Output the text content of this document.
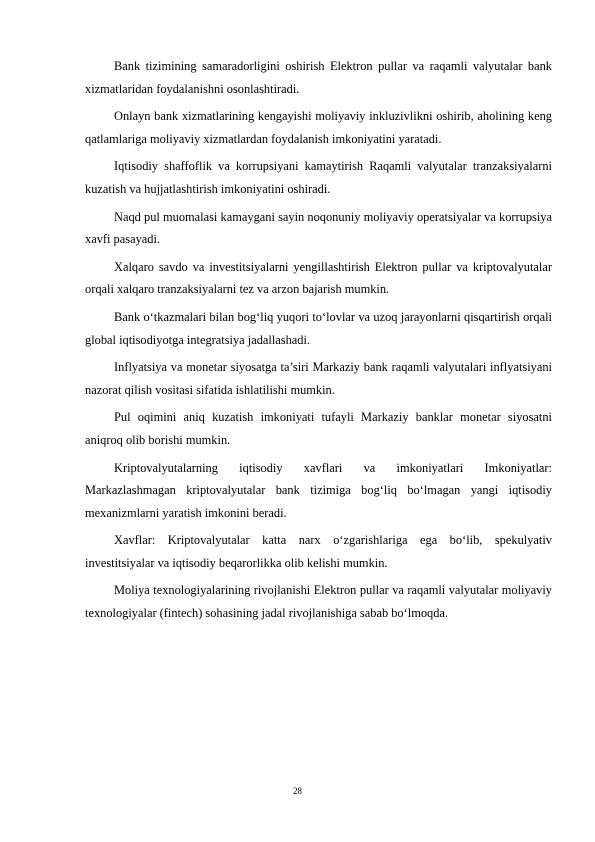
Bank tizimining samaradorligini oshirish Elektron pullar va raqamli valyutalar bank xizmatlaridan foydalanishni osonlashtiradi.

Onlayn bank xizmatlarining kengayishi moliyaviy inkluzivlikni oshirib, aholining keng qatlamlariga moliyaviy xizmatlardan foydalanish imkoniyatini yaratadi.

Iqtisodiy shaffoflik va korrupsiyani kamaytirish Raqamli valyutalar tranzaksiyalarni kuzatish va hujjatlashtirish imkoniyatini oshiradi.

Naqd pul muomalasi kamaygani sayin noqonuniy moliyaviy operatsiyalar va korrupsiya xavfi pasayadi.

Xalqaro savdo va investitsiyalarni yengillashtirish Elektron pullar va kriptovalyutalar orqali xalqaro tranzaksiyalarni tez va arzon bajarish mumkin.

Bank o‘tkazmalari bilan bog‘liq yuqori to‘lovlar va uzoq jarayonlarni qisqartirish orqali global iqtisodiyotga integratsiya jadallashadi.

Inflyatsiya va monetar siyosatga ta’siri Markaziy bank raqamli valyutalari inflyatsiyani nazorat qilish vositasi sifatida ishlatilishi mumkin.

Pul oqimini aniq kuzatish imkoniyati tufayli Markaziy banklar monetar siyosatni aniqroq olib borishi mumkin.

Kriptovalyutalarning iqtisodiy xavflari va imkoniyatlari Imkoniyatlar: Markazlashmagan kriptovalyutalar bank tizimiga bog‘liq bo‘lmagan yangi iqtisodiy mexanizmlarni yaratish imkonini beradi.

Xavflar: Kriptovalyutalar katta narx o‘zgarishlariga ega bo‘lib, spekulyativ investitsiyalar va iqtisodiy beqarorlikka olib kelishi mumkin.

Moliya texnologiyalarining rivojlanishi Elektron pullar va raqamli valyutalar moliyaviy texnologiyalar (fintech) sohasining jadal rivojlanishiga sabab bo‘lmoqda.

28
